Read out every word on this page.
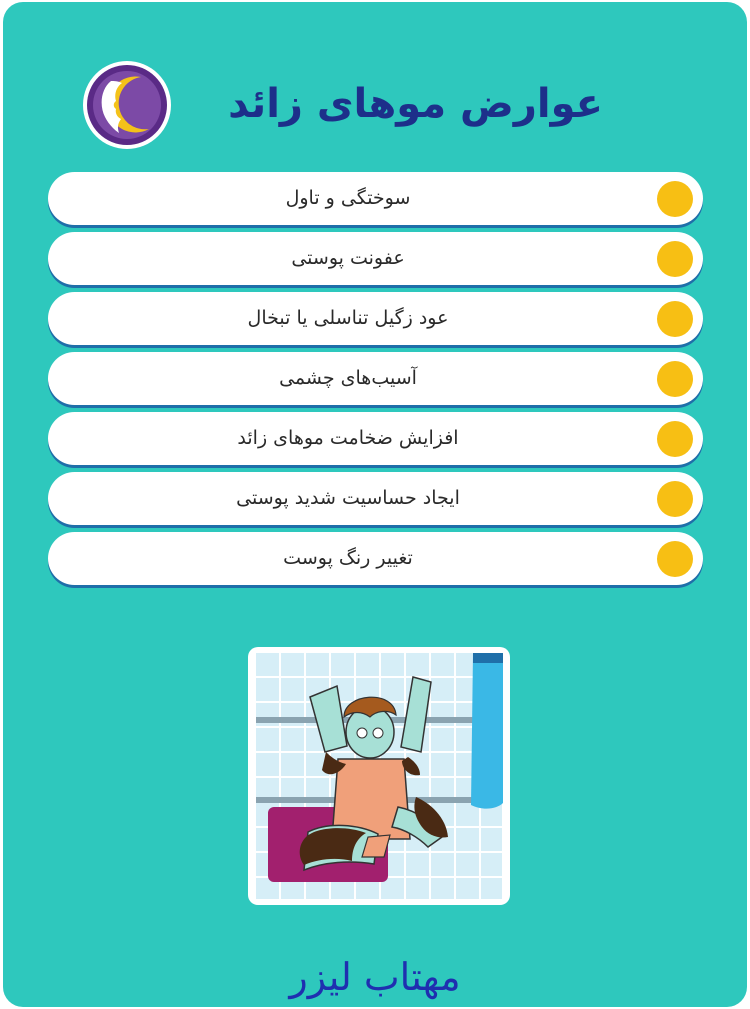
عوارض موهای زائد
سوختگی و تاول
عفونت پوستی
عود زگیل تناسلی یا تبخال
آسیب‌های چشمی
افزایش ضخامت موهای زائد
ایجاد حساسیت شدید پوستی
تغییر رنگ پوست
مهتاب لیزر
